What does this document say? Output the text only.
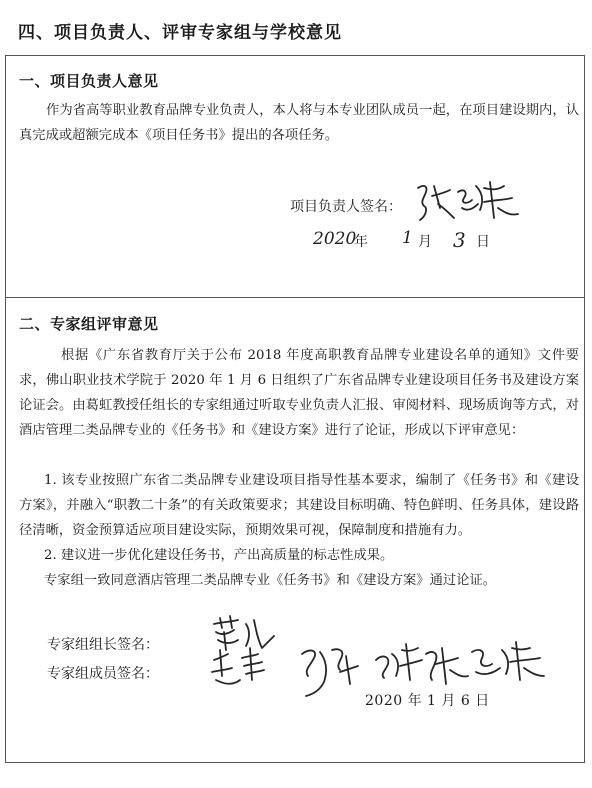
四、项目负责人、评审专家组与学校意见
一、项目负责人意见
作为省高等职业教育品牌专业负责人，本人将与本专业团队成员一起，在项目建设期内，认真完成或超额完成本《项目任务书》提出的各项任务。
项目负责人签名：
2020
年 1 月 3 日
二、专家组评审意见
根据《广东省教育厅关于公布 2018 年度高职教育品牌专业建设名单的通知》文件要求，佛山职业技术学院于 2020 年 1 月 6 日组织了广东省品牌专业建设项目任务书及建设方案论证会。由葛虹教授任组长的专家组通过听取专业负责人汇报、审阅材料、现场质询等方式，对酒店管理二类品牌专业的《任务书》和《建设方案》进行了论证，形成以下评审意见：
1. 该专业按照广东省二类品牌专业建设项目指导性基本要求，编制了《任务书》和《建设方案》，并融入“职教二十条”的有关政策要求；其建设目标明确、特色鲜明、任务具体，建设路径清晰，资金预算适应项目建设实际，预期效果可视，保障制度和措施有力。
2. 建议进一步优化建设任务书，产出高质量的标志性成果。
专家组一致同意酒店管理二类品牌专业《任务书》和《建设方案》通过论证。
专家组组长签名：
专家组成员签名：
2020 年 1 月 6 日
